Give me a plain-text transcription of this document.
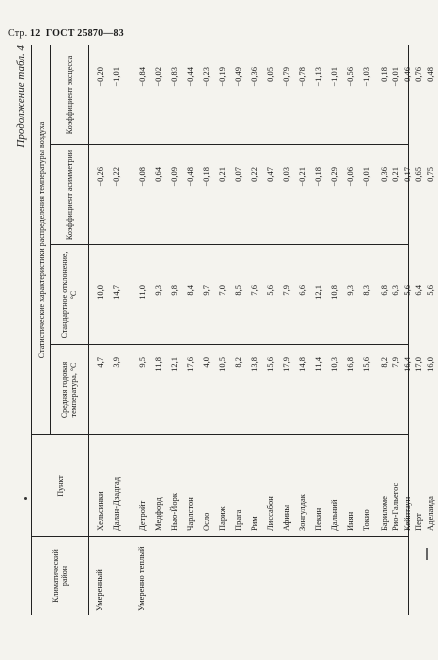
Стр. 12 ГОСТ 25870—83
Продолжение табл. 4
Климатический район
Пункт
Статистические характеристики распределения температуры воздуха
Средняя годовая температура, °С
Стандартное отклонение, °С
Коэффициент асимметрии
Коэффициент эксцесса
Умеренный
Хельсинки
4,7
10,0
−0,26
−0,20
Далан-Дзадгад
3,9
14,7
−0,22
−1,01
Умеренно теплый
Детройт
9,5
11,0
−0,08
−0,84
Медфорд
11,8
9,3
0,64
−0,02
Нью-Йорк
12,1
9,8
−0,09
−0,83
Чарлстон
17,6
8,4
−0,48
−0,44
Осло
4,0
9,7
−0,18
−0,23
Париж
10,5
7,0
0,21
−0,19
Прага
8,2
8,5
0,07
−0,49
Рим
13,8
7,6
0,22
−0,36
Лиссабон
15,6
5,6
0,47
0,05
Афины
17,9
7,9
0,03
−0,79
Зонгулдак
14,8
6,6
−0,21
−0,78
Пекин
11,4
12,1
−0,18
−1,13
Дальний
10,3
10,8
−0,29
−1,01
Инян
16,8
9,3
−0,06
−0,56
Токио
15,6
8,3
−0,01
−1,03
Бариломе
8,2
6,8
0,36
0,18
Рио-Гальегос
7,9
6,3
0,21
−0,01
Кейптаун
16,4
5,6
0,17
0,46
Перт
17,0
6,4
0,65
0,76
Аделаида
16,0
5,6
0,75
0,48
